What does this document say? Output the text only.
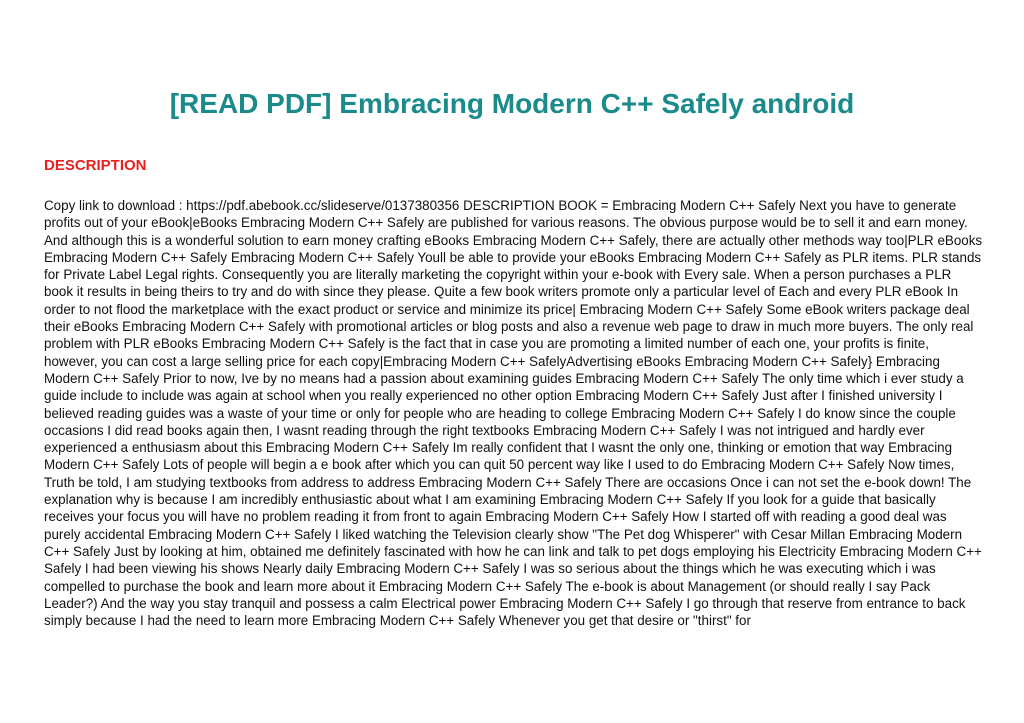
[READ PDF] Embracing Modern C++ Safely android
DESCRIPTION

Copy link to download : https://pdf.abebook.cc/slideserve/0137380356 DESCRIPTION BOOK = Embracing Modern C++ Safely Next you have to generate profits out of your eBook|eBooks Embracing Modern C++ Safely are published for various reasons. The obvious purpose would be to sell it and earn money. And although this is a wonderful solution to earn money crafting eBooks Embracing Modern C++ Safely, there are actually other methods way too|PLR eBooks Embracing Modern C++ Safely Embracing Modern C++ Safely Youll be able to provide your eBooks Embracing Modern C++ Safely as PLR items. PLR stands for Private Label Legal rights. Consequently you are literally marketing the copyright within your e-book with Every sale. When a person purchases a PLR book it results in being theirs to try and do with since they please. Quite a few book writers promote only a particular level of Each and every PLR eBook In order to not flood the marketplace with the exact product or service and minimize its price| Embracing Modern C++ Safely Some eBook writers package deal their eBooks Embracing Modern C++ Safely with promotional articles or blog posts and also a revenue web page to draw in much more buyers. The only real problem with PLR eBooks Embracing Modern C++ Safely is the fact that in case you are promoting a limited number of each one, your profits is finite, however, you can cost a large selling price for each copy|Embracing Modern C++ SafelyAdvertising eBooks Embracing Modern C++ Safely} Embracing Modern C++ Safely Prior to now, Ive by no means had a passion about examining guides Embracing Modern C++ Safely The only time which i ever study a guide include to include was again at school when you really experienced no other option Embracing Modern C++ Safely Just after I finished university I believed reading guides was a waste of your time or only for people who are heading to college Embracing Modern C++ Safely I do know since the couple occasions I did read books again then, I wasnt reading through the right textbooks Embracing Modern C++ Safely I was not intrigued and hardly ever experienced a enthusiasm about this Embracing Modern C++ Safely Im really confident that I wasnt the only one, thinking or emotion that way Embracing Modern C++ Safely Lots of people will begin a e book after which you can quit 50 percent way like I used to do Embracing Modern C++ Safely Now times, Truth be told, I am studying textbooks from address to address Embracing Modern C++ Safely There are occasions Once i can not set the e-book down! The explanation why is because I am incredibly enthusiastic about what I am examining Embracing Modern C++ Safely If you look for a guide that basically receives your focus you will have no problem reading it from front to again Embracing Modern C++ Safely How I started off with reading a good deal was purely accidental Embracing Modern C++ Safely I liked watching the Television clearly show "The Pet dog Whisperer" with Cesar Millan Embracing Modern C++ Safely Just by looking at him, obtained me definitely fascinated with how he can link and talk to pet dogs employing his Electricity Embracing Modern C++ Safely I had been viewing his shows Nearly daily Embracing Modern C++ Safely I was so serious about the things which he was executing which i was compelled to purchase the book and learn more about it Embracing Modern C++ Safely The e-book is about Management (or should really I say Pack Leader?) And the way you stay tranquil and possess a calm Electrical power Embracing Modern C++ Safely I go through that reserve from entrance to back simply because I had the need to learn more Embracing Modern C++ Safely Whenever you get that desire or "thirst" for
